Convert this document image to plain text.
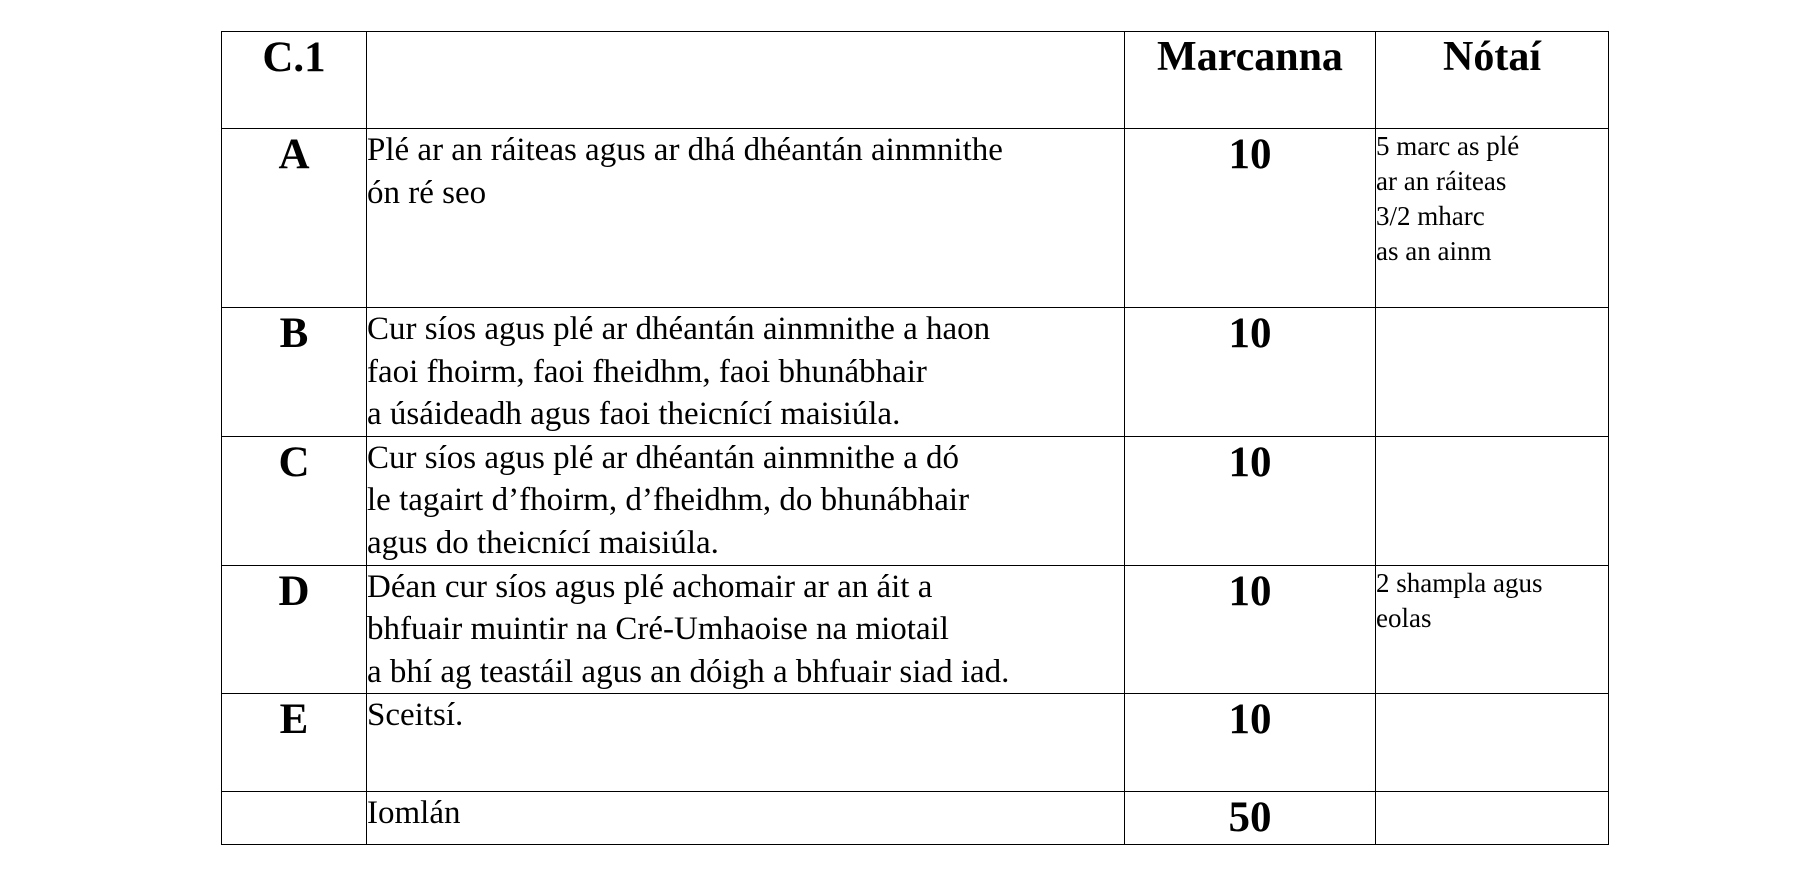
C.1		Marcanna	Nótaí
A	Plé ar an ráiteas agus ar dhá dhéantán ainmnithe
ón ré seo	10	5 marc as plé
ar an ráiteas
3/2 mharc
as an ainm

B	Cur síos agus plé ar dhéantán ainmnithe a haon
faoi fhoirm, faoi fheidhm, faoi bhunábhair
a úsáideadh agus faoi theicnící maisiúla.	10	
C	Cur síos agus plé ar dhéantán ainmnithe a dó
le tagairt d’fhoirm, d’fheidhm, do bhunábhair
agus do theicnící maisiúla.	10	
D	Déan cur síos agus plé achomair ar an áit a
bhfuair muintir na Cré-Umhaoise na miotail
a bhí ag teastáil agus an dóigh a bhfuair siad iad.	10	2 shampla agus
eolas

E	Sceitsí.	10	
	Iomlán	50	
